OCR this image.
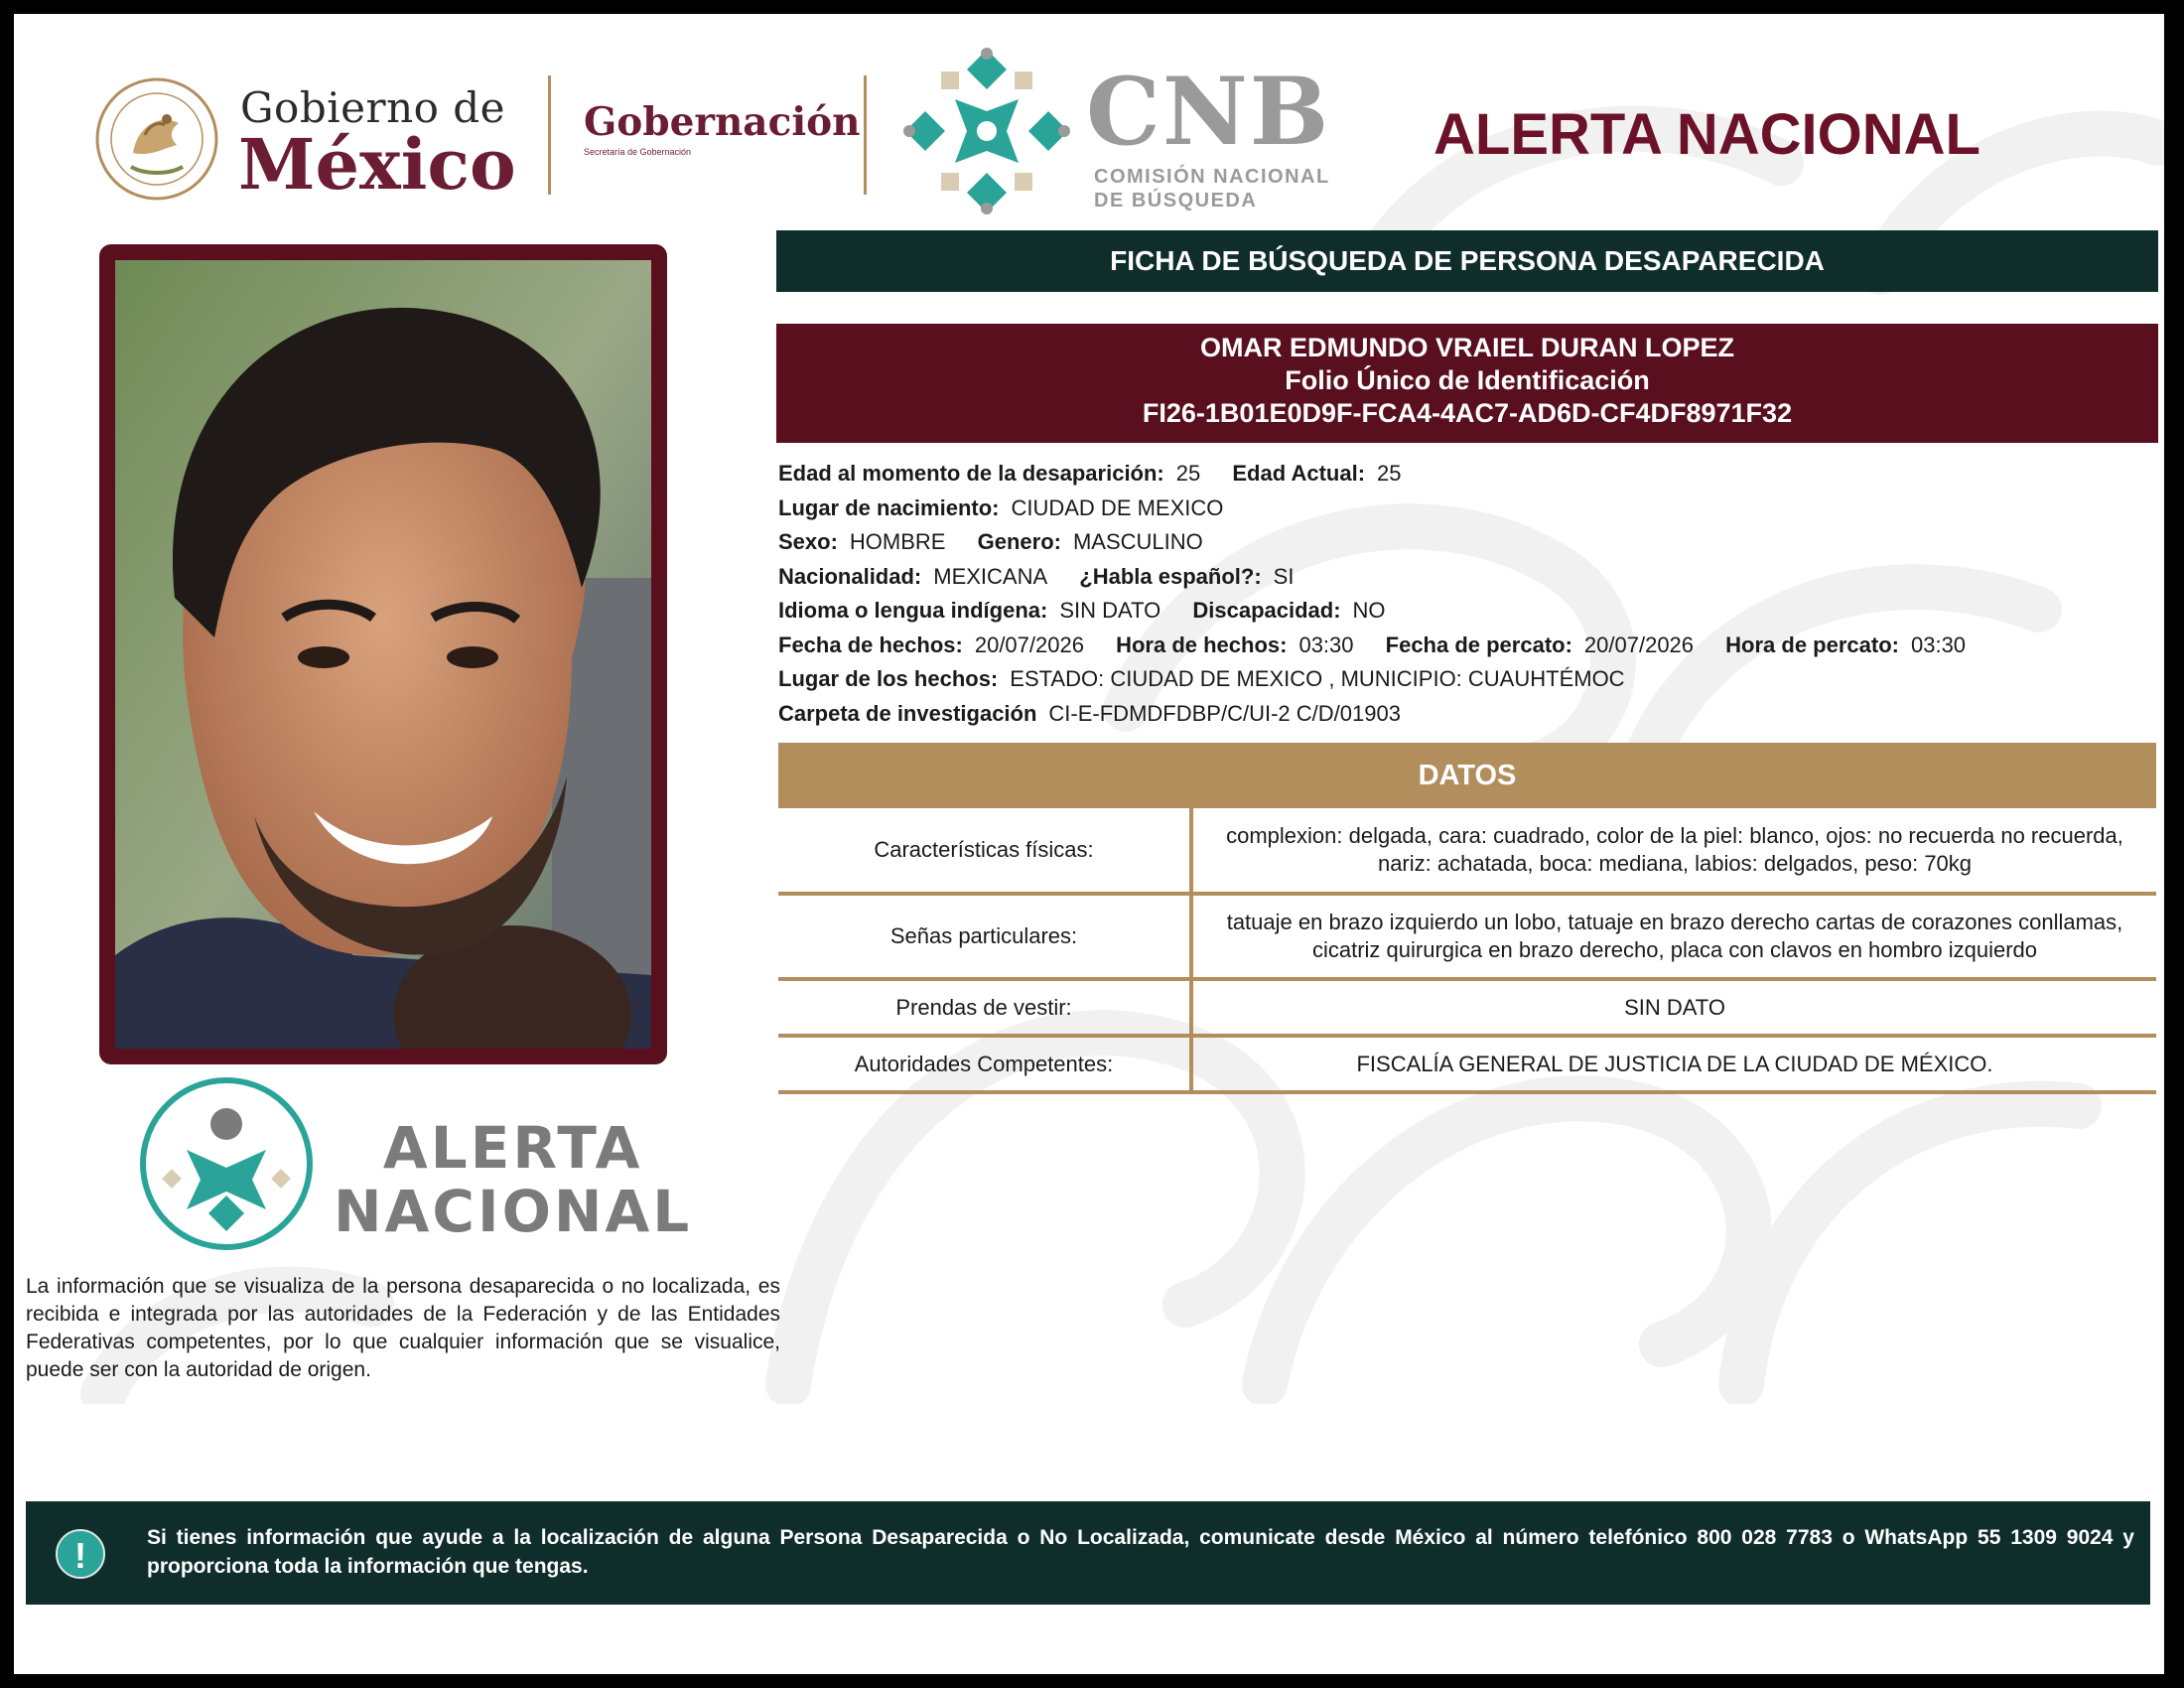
Gobierno de
México
Gobernación
Secretaría de Gobernación	CNB
COMISIÓN NACIONAL
DE BÚSQUEDA
ALERTA NACIONAL
ALERTA
NACIONAL
La información que se visualiza de la persona desaparecida o no localizada, es recibida e integrada por las autoridades de la Federación y de las Entidades Federativas competentes, por lo que cualquier información que se visualice, puede ser con la autoridad de origen.
FICHA DE BÚSQUEDA DE PERSONA DESAPARECIDA
OMAR EDMUNDO VRAIEL DURAN LOPEZ
Folio Único de Identificación
FI26-1B01E0D9F-FCA4-4AC7-AD6D-CF4DF8971F32
Edad al momento de la desaparición: 25 Edad Actual: 25
Lugar de nacimiento: CIUDAD DE MEXICO
Sexo: HOMBRE Genero: MASCULINO
Nacionalidad: MEXICANA ¿Habla español?: SI
Idioma o lengua indígena: SIN DATO Discapacidad: NO
Fecha de hechos: 20/07/2026 Hora de hechos: 03:30 Fecha de percato: 20/07/2026 Hora de percato: 03:30
Lugar de los hechos: ESTADO: CIUDAD DE MEXICO , MUNICIPIO: CUAUHTÉMOC
Carpeta de investigación CI-E-FDMDFDBP/C/UI-2 C/D/01903
DATOS
Características físicas:	complexion: delgada, cara: cuadrado, color de la piel: blanco, ojos: no recuerda no recuerda, nariz: achatada, boca: mediana, labios: delgados, peso: 70kg
Señas particulares:	tatuaje en brazo izquierdo un lobo, tatuaje en brazo derecho cartas de corazones conllamas, cicatriz quirurgica en brazo derecho, placa con clavos en hombro izquierdo
Prendas de vestir:	SIN DATO
Autoridades Competentes:	FISCALÍA GENERAL DE JUSTICIA DE LA CIUDAD DE MÉXICO.
!	Si tienes información que ayude a la localización de alguna Persona Desaparecida o No Localizada, comunicate desde México al número telefónico 800 028 7783 o WhatsApp 55 1309 9024 y proporciona toda la información que tengas.
